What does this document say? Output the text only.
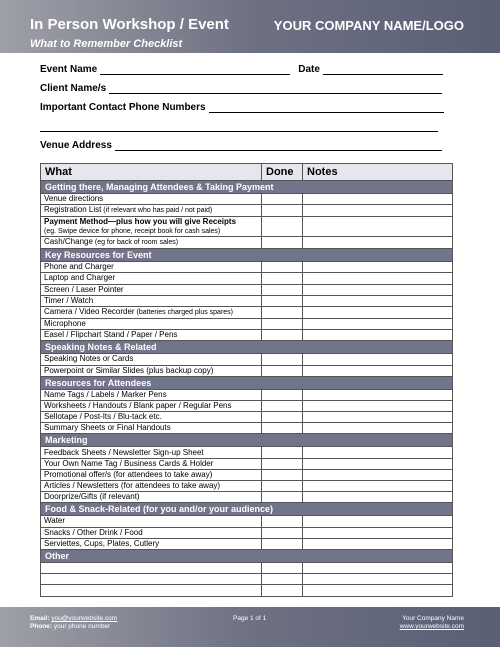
In Person Workshop / Event
What to Remember Checklist
YOUR COMPANY NAME/LOGO
Event Name	Date
Client Name/s
Important Contact Phone Numbers
Venue Address
What	Done	Notes
Getting there, Managing Attendees & Taking Payment		
Venue directions		
Registration List (if relevant who has paid / not paid)		
Payment Method—plus how you will give Receipts
(eg. Swipe device for phone, receipt book for cash sales)		
Cash/Change (eg for back of room sales)		
Key Resources for Event		
Phone and Charger		
Laptop and Charger		
Screen / Laser Pointer		
Timer / Watch		
Camera / Video Recorder (batteries charged plus spares)		
Microphone		
Easel / Flipchart Stand / Paper / Pens		
Speaking Notes & Related		
Speaking Notes or Cards		
Powerpoint or Similar Slides (plus backup copy)		
Resources for Attendees		
Name Tags / Labels / Marker Pens		
Worksheets / Handouts / Blank paper / Regular Pens		
Sellotape / Post-Its / Blu-tack etc.		
Summary Sheets or Final Handouts		
Marketing		
Feedback Sheets / Newsletter Sign-up Sheet		
Your Own Name Tag / Business Cards & Holder		
Promotional offer/s (for attendees to take away)		
Articles / Newsletters (for attendees to take away)		
Doorprize/Gifts (if relevant)		
Food & Snack-Related (for you and/or your audience)		
Water		
Snacks / Other Drink / Food		
Serviettes, Cups, Plates, Cutlery		
Other		

Email: you@yourwebsite.com
Phone: your phone number
Page 1 of 1	Your Company Name
www.yourwebsite.com
